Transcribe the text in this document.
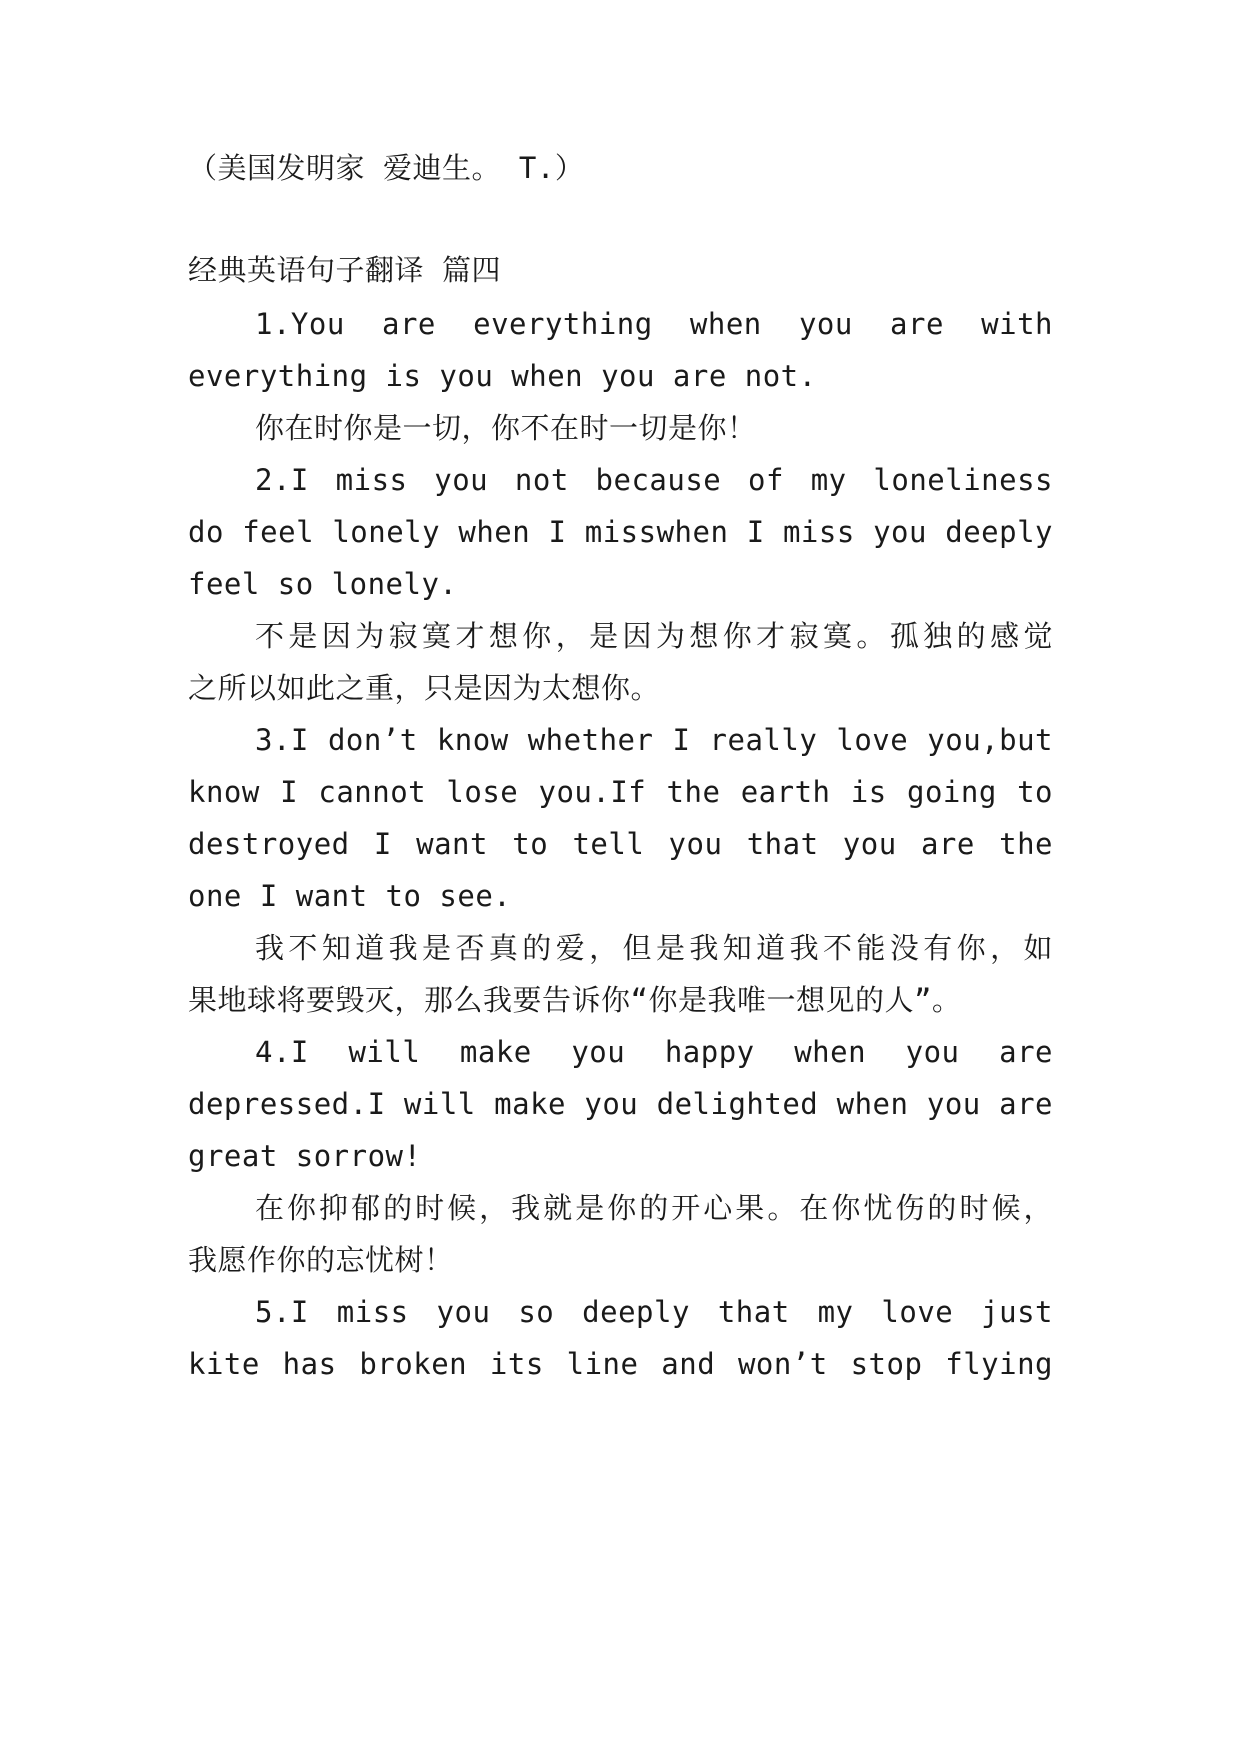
（美国发明家 爱迪生。 T.）
经典英语句子翻译 篇四
1.You are everything when you are with
everything is you when you are not.
你在时你是一切，你不在时一切是你！
2.I miss you not because of my loneliness
do feel lonely when I misswhen I miss you deeply
feel so lonely.
不是因为寂寞才想你，是因为想你才寂寞。孤独的感觉
之所以如此之重，只是因为太想你。
3.I don’t know whether I really love you,but
know I cannot lose you.If the earth is going to
destroyed I want to tell you that you are the
one I want to see.
我不知道我是否真的爱，但是我知道我不能没有你，如
果地球将要毁灭，那么我要告诉你“你是我唯一想见的人”。
4.I will make you happy when you are
depressed.I will make you delighted when you are
great sorrow!
在你抑郁的时候，我就是你的开心果。在你忧伤的时候，
我愿作你的忘忧树！
5.I miss you so deeply that my love just
kite has broken its line and won’t stop flying
